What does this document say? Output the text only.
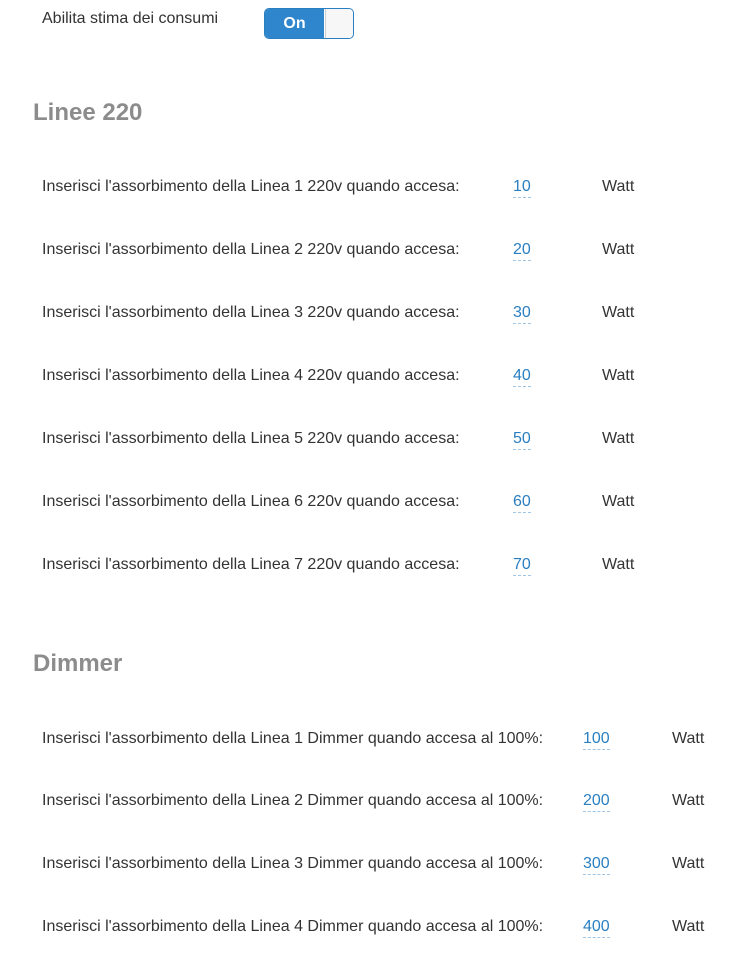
Abilita stima dei consumi	On
Linee 220
Inserisci l'assorbimento della Linea 1 220v quando accesa:	10	Watt
Inserisci l'assorbimento della Linea 2 220v quando accesa:	20	Watt
Inserisci l'assorbimento della Linea 3 220v quando accesa:	30	Watt
Inserisci l'assorbimento della Linea 4 220v quando accesa:	40	Watt
Inserisci l'assorbimento della Linea 5 220v quando accesa:	50	Watt
Inserisci l'assorbimento della Linea 6 220v quando accesa:	60	Watt
Inserisci l'assorbimento della Linea 7 220v quando accesa:	70	Watt
Dimmer
Inserisci l'assorbimento della Linea 1 Dimmer quando accesa al 100%: 100	Watt
Inserisci l'assorbimento della Linea 2 Dimmer quando accesa al 100%: 200	Watt
Inserisci l'assorbimento della Linea 3 Dimmer quando accesa al 100%: 300	Watt
Inserisci l'assorbimento della Linea 4 Dimmer quando accesa al 100%: 400	Watt
